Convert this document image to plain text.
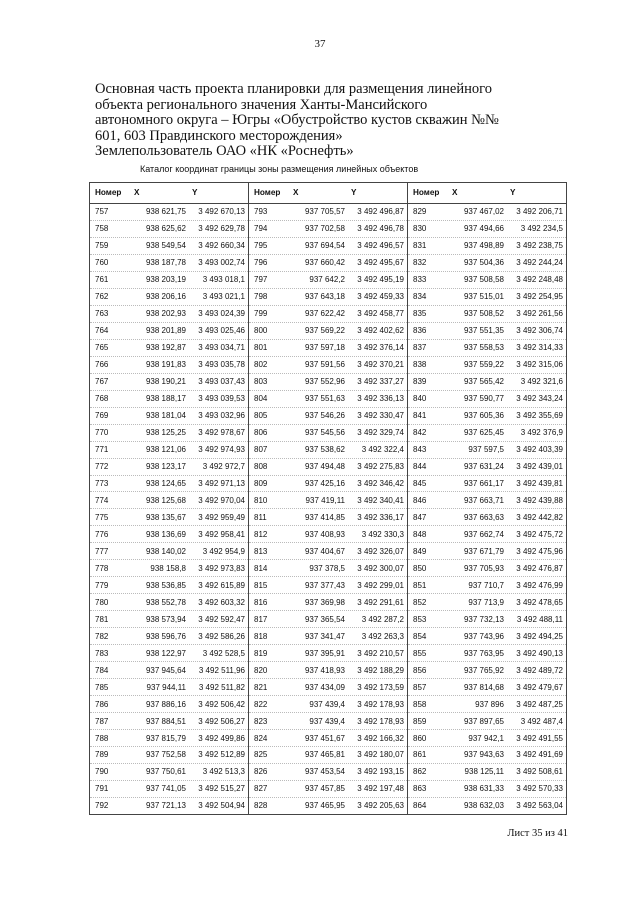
37
Основная часть проекта планировки для размещения линейного
объекта регионального значения Ханты-Мансийского
автономного округа – Югры «Обустройство кустов скважин №№
601, 603 Правдинского месторождения»
Землепользователь ОАО «НК «Роснефть»
Каталог координат границы зоны размещения линейных объектов
Номер	X	Y
757	938 621,75	3 492 670,13
758	938 625,62	3 492 629,78
759	938 549,54	3 492 660,34
760	938 187,78	3 493 002,74
761	938 203,19	3 493 018,1
762	938 206,16	3 493 021,1
763	938 202,93	3 493 024,39
764	938 201,89	3 493 025,46
765	938 192,87	3 493 034,71
766	938 191,83	3 493 035,78
767	938 190,21	3 493 037,43
768	938 188,17	3 493 039,53
769	938 181,04	3 493 032,96
770	938 125,25	3 492 978,67
771	938 121,06	3 492 974,93
772	938 123,17	3 492 972,7
773	938 124,65	3 492 971,13
774	938 125,68	3 492 970,04
775	938 135,67	3 492 959,49
776	938 136,69	3 492 958,41
777	938 140,02	3 492 954,9
778	938 158,8	3 492 973,83
779	938 536,85	3 492 615,89
780	938 552,78	3 492 603,32
781	938 573,94	3 492 592,47
782	938 596,76	3 492 586,26
783	938 122,97	3 492 528,5
784	937 945,64	3 492 511,96
785	937 944,11	3 492 511,82
786	937 886,16	3 492 506,42
787	937 884,51	3 492 506,27
788	937 815,79	3 492 499,86
789	937 752,58	3 492 512,89
790	937 750,61	3 492 513,3
791	937 741,05	3 492 515,27
792	937 721,13	3 492 504,94
Номер	X	Y
793	937 705,57	3 492 496,87
794	937 702,58	3 492 496,78
795	937 694,54	3 492 496,57
796	937 660,42	3 492 495,67
797	937 642,2	3 492 495,19
798	937 643,18	3 492 459,33
799	937 622,42	3 492 458,77
800	937 569,22	3 492 402,62
801	937 597,18	3 492 376,14
802	937 591,56	3 492 370,21
803	937 552,96	3 492 337,27
804	937 551,63	3 492 336,13
805	937 546,26	3 492 330,47
806	937 545,56	3 492 329,74
807	937 538,62	3 492 322,4
808	937 494,48	3 492 275,83
809	937 425,16	3 492 346,42
810	937 419,11	3 492 340,41
811	937 414,85	3 492 336,17
812	937 408,93	3 492 330,3
813	937 404,67	3 492 326,07
814	937 378,5	3 492 300,07
815	937 377,43	3 492 299,01
816	937 369,98	3 492 291,61
817	937 365,54	3 492 287,2
818	937 341,47	3 492 263,3
819	937 395,91	3 492 210,57
820	937 418,93	3 492 188,29
821	937 434,09	3 492 173,59
822	937 439,4	3 492 178,93
823	937 439,4	3 492 178,93
824	937 451,67	3 492 166,32
825	937 465,81	3 492 180,07
826	937 453,54	3 492 193,15
827	937 457,85	3 492 197,48
828	937 465,95	3 492 205,63
Номер	X	Y
829	937 467,02	3 492 206,71
830	937 494,66	3 492 234,5
831	937 498,89	3 492 238,75
832	937 504,36	3 492 244,24
833	937 508,58	3 492 248,48
834	937 515,01	3 492 254,95
835	937 508,52	3 492 261,56
836	937 551,35	3 492 306,74
837	937 558,53	3 492 314,33
838	937 559,22	3 492 315,06
839	937 565,42	3 492 321,6
840	937 590,77	3 492 343,24
841	937 605,36	3 492 355,69
842	937 625,45	3 492 376,9
843	937 597,5	3 492 403,39
844	937 631,24	3 492 439,01
845	937 661,17	3 492 439,81
846	937 663,71	3 492 439,88
847	937 663,63	3 492 442,82
848	937 662,74	3 492 475,72
849	937 671,79	3 492 475,96
850	937 705,93	3 492 476,87
851	937 710,7	3 492 476,99
852	937 713,9	3 492 478,65
853	937 732,13	3 492 488,11
854	937 743,96	3 492 494,25
855	937 763,95	3 492 490,13
856	937 765,92	3 492 489,72
857	937 814,68	3 492 479,67
858	937 896	3 492 487,25
859	937 897,65	3 492 487,4
860	937 942,1	3 492 491,55
861	937 943,63	3 492 491,69
862	938 125,11	3 492 508,61
863	938 631,33	3 492 570,33
864	938 632,03	3 492 563,04
Лист 35 из 41
